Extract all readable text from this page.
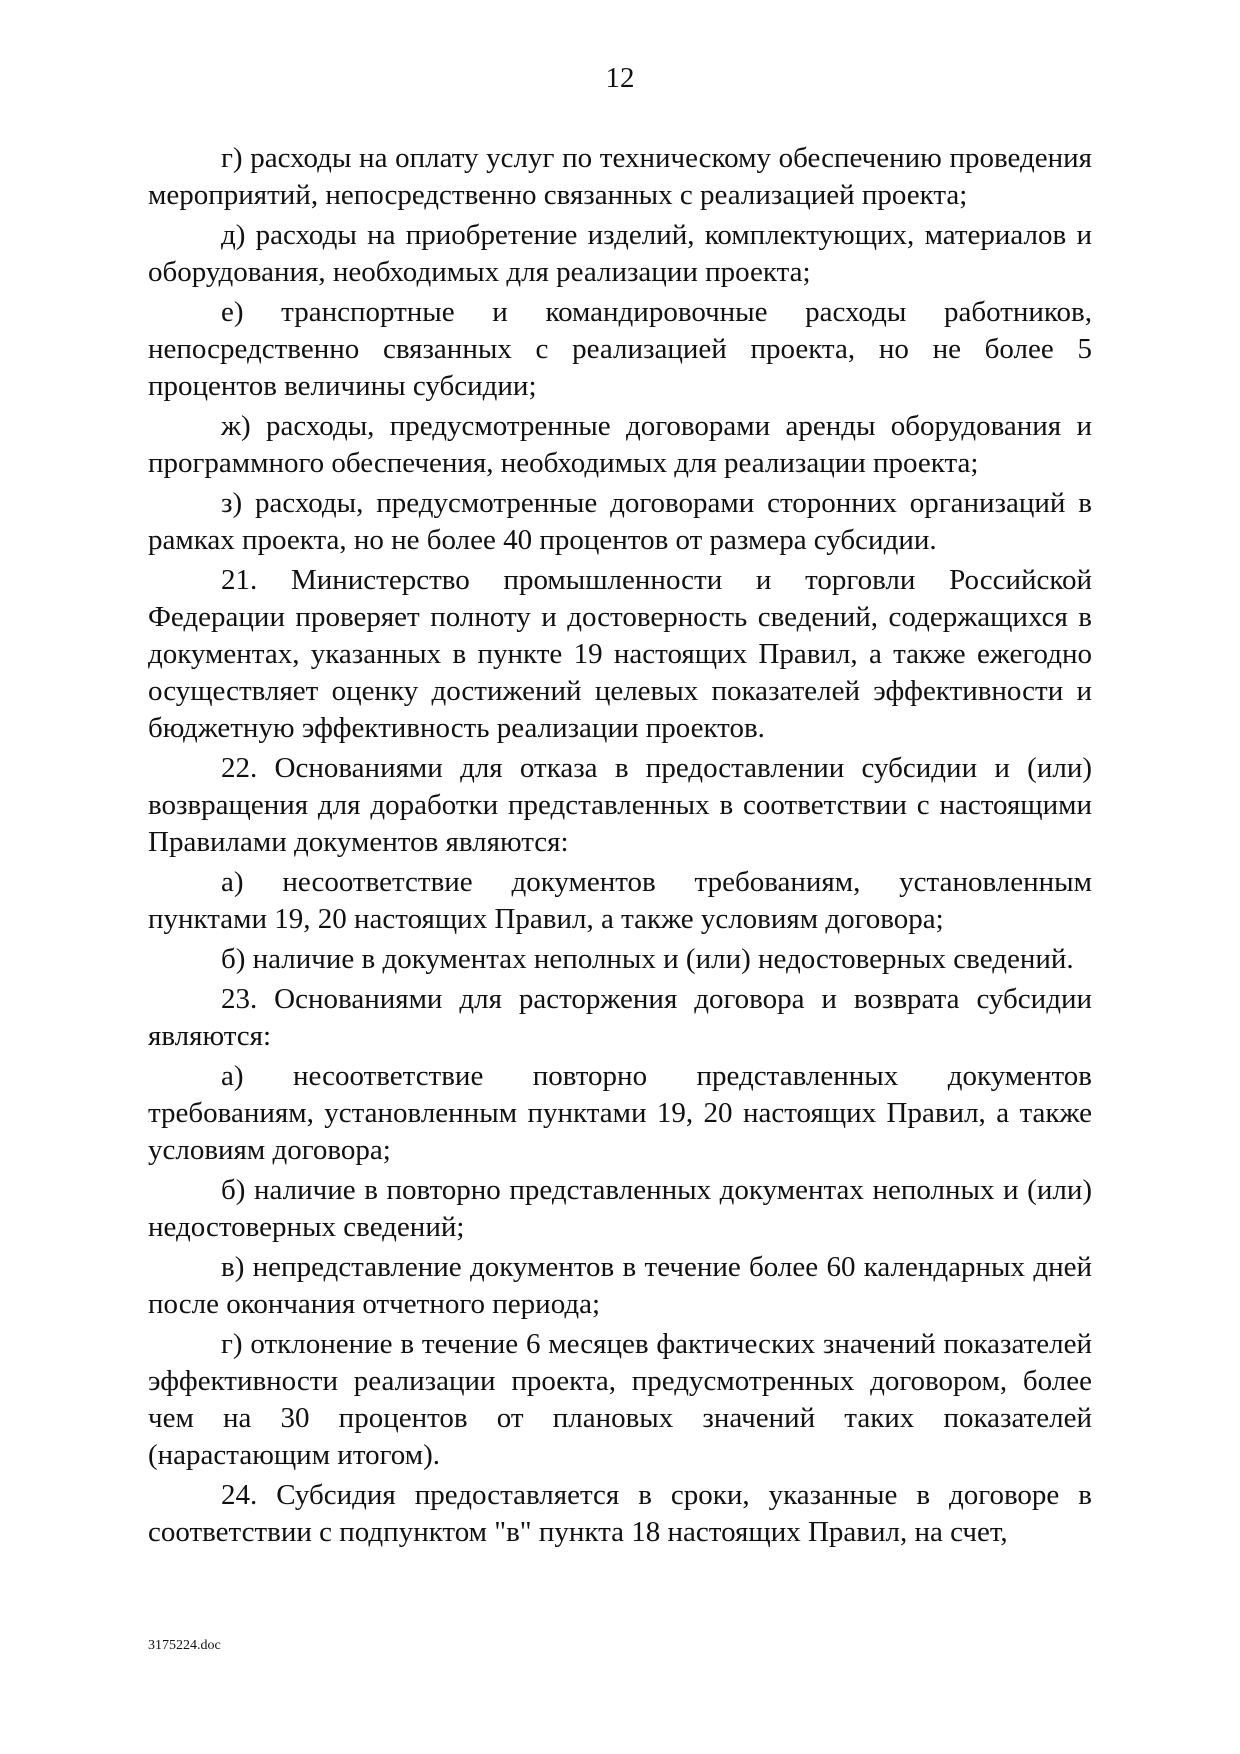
12

г) расходы на оплату услуг по техническому обеспечению проведения мероприятий, непосредственно связанных с реализацией проекта;

д) расходы на приобретение изделий, комплектующих, материалов и оборудования, необходимых для реализации проекта;

е) транспортные и командировочные расходы работников, непосредственно связанных с реализацией проекта, но не более 5 процентов величины субсидии;

ж) расходы, предусмотренные договорами аренды оборудования и программного обеспечения, необходимых для реализации проекта;

з) расходы, предусмотренные договорами сторонних организаций в рамках проекта, но не более 40 процентов от размера субсидии.

21. Министерство промышленности и торговли Российской Федерации проверяет полноту и достоверность сведений, содержащихся в документах, указанных в пункте 19 настоящих Правил, а также ежегодно осуществляет оценку достижений целевых показателей эффективности и бюджетную эффективность реализации проектов.

22. Основаниями для отказа в предоставлении субсидии и (или) возвращения для доработки представленных в соответствии с настоящими Правилами документов являются:

а) несоответствие документов требованиям, установленным пунктами 19, 20 настоящих Правил, а также условиям договора;

б) наличие в документах неполных и (или) недостоверных сведений.

23. Основаниями для расторжения договора и возврата субсидии являются:

а) несоответствие повторно представленных документов требованиям, установленным пунктами 19, 20 настоящих Правил, а также условиям договора;

б) наличие в повторно представленных документах неполных и (или) недостоверных сведений;

в) непредставление документов в течение более 60 календарных дней после окончания отчетного периода;

г) отклонение в течение 6 месяцев фактических значений показателей эффективности реализации проекта, предусмотренных договором, более чем на 30 процентов от плановых значений таких показателей (нарастающим итогом).

24. Субсидия предоставляется в сроки, указанные в договоре в соответствии с подпунктом "в" пункта 18 настоящих Правил, на счет,

3175224.doc
